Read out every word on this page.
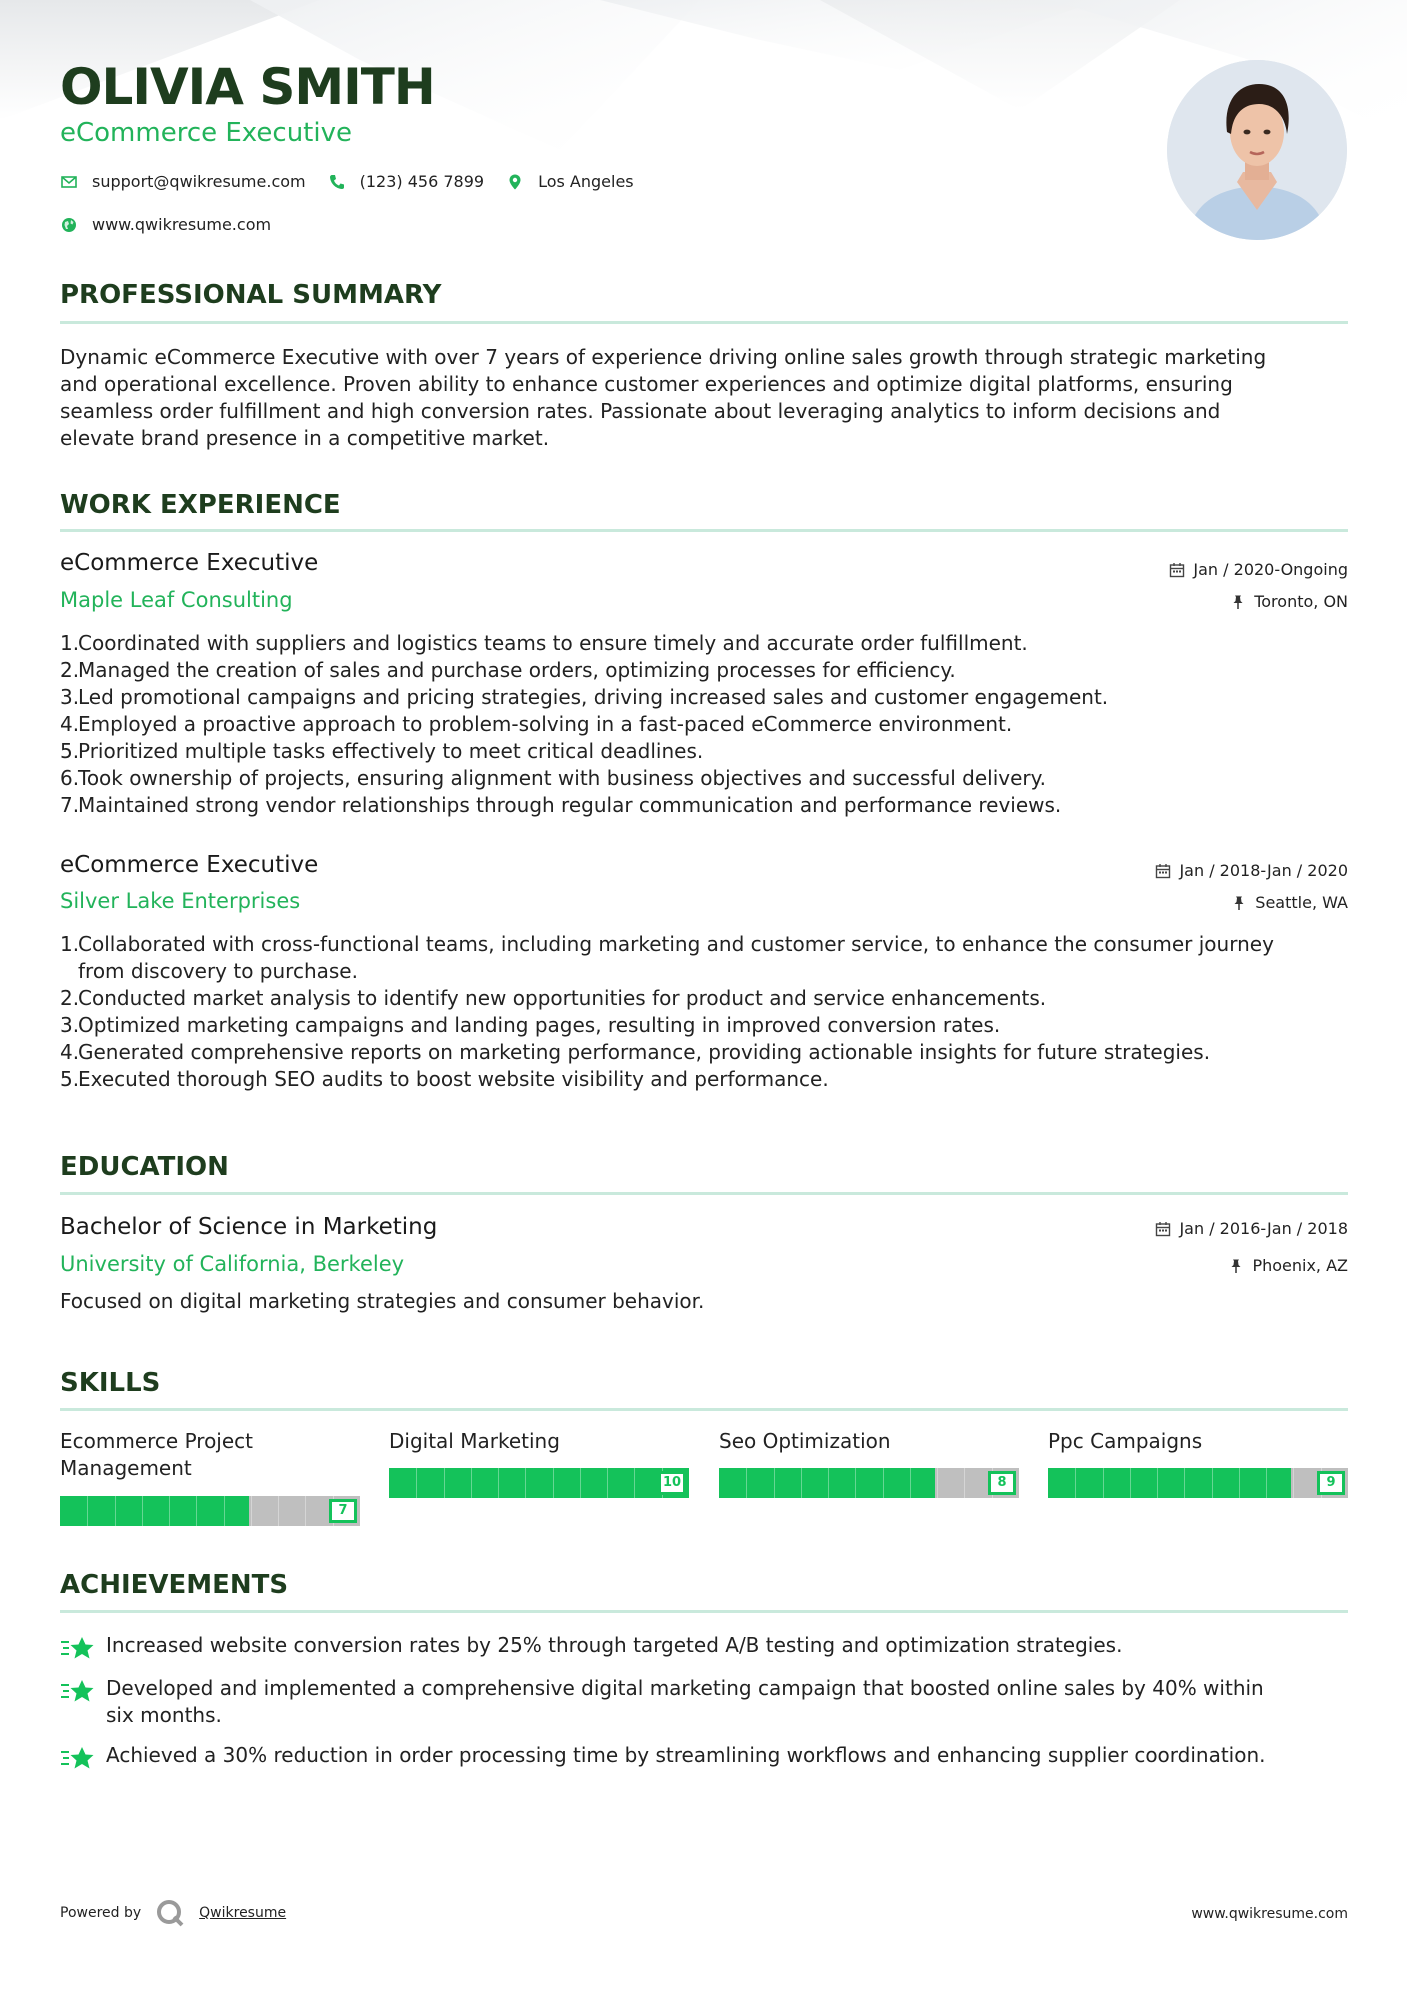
OLIVIA SMITH
eCommerce Executive
support@qwikresume.com	(123) 456 7899	Los Angeles
www.qwikresume.com
PROFESSIONAL SUMMARY
Dynamic eCommerce Executive with over 7 years of experience driving online sales growth through strategic marketing
and operational excellence. Proven ability to enhance customer experiences and optimize digital platforms, ensuring
seamless order fulfillment and high conversion rates. Passionate about leveraging analytics to inform decisions and
elevate brand presence in a competitive market.
WORK EXPERIENCE
eCommerce Executive
Maple Leaf Consulting
Jan / 2020-Ongoing
Toronto, ON
1.
Coordinated with suppliers and logistics teams to ensure timely and accurate order fulfillment.
2.
Managed the creation of sales and purchase orders, optimizing processes for efficiency.
3.
Led promotional campaigns and pricing strategies, driving increased sales and customer engagement.
4.
Employed a proactive approach to problem-solving in a fast-paced eCommerce environment.
5.
Prioritized multiple tasks effectively to meet critical deadlines.
6.
Took ownership of projects, ensuring alignment with business objectives and successful delivery.
7.
Maintained strong vendor relationships through regular communication and performance reviews.
eCommerce Executive
Silver Lake Enterprises
Jan / 2018-Jan / 2020
Seattle, WA
1.
Collaborated with cross-functional teams, including marketing and customer service, to enhance the consumer journey
from discovery to purchase.
2.
Conducted market analysis to identify new opportunities for product and service enhancements.
3.
Optimized marketing campaigns and landing pages, resulting in improved conversion rates.
4.
Generated comprehensive reports on marketing performance, providing actionable insights for future strategies.
5.
Executed thorough SEO audits to boost website visibility and performance.
EDUCATION
Bachelor of Science in Marketing
University of California, Berkeley
Jan / 2016-Jan / 2018
Phoenix, AZ
Focused on digital marketing strategies and consumer behavior.
SKILLS
Ecommerce Project
Management
7
Digital Marketing
10
Seo Optimization
8
Ppc Campaigns
9
ACHIEVEMENTS
Increased website conversion rates by 25% through targeted A/B testing and optimization strategies.
Developed and implemented a comprehensive digital marketing campaign that boosted online sales by 40% within
six months.
Achieved a 30% reduction in order processing time by streamlining workflows and enhancing supplier coordination.
Powered by	Qwikresume	www.qwikresume.com
